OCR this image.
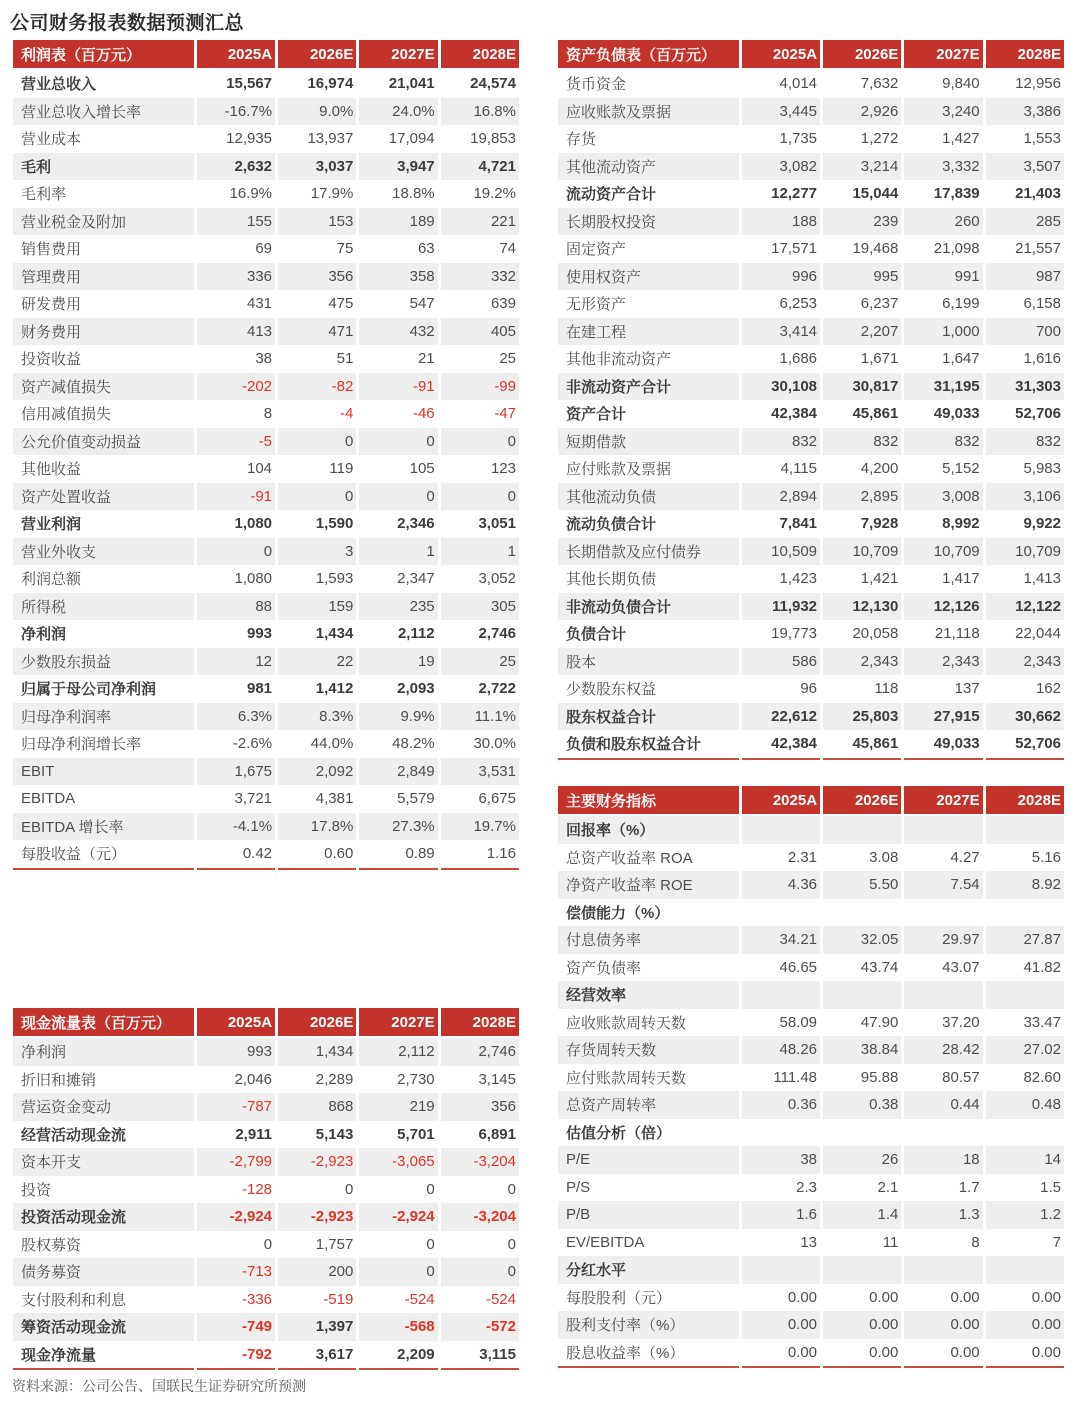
公司财务报表数据预测汇总
利润表（百万元）	2025A	2026E	2027E	2028E
营业总收入	15,567	16,974	21,041	24,574
营业总收入增长率	-16.7%	9.0%	24.0%	16.8%
营业成本	12,935	13,937	17,094	19,853
毛利	2,632	3,037	3,947	4,721
毛利率	16.9%	17.9%	18.8%	19.2%
营业税金及附加	155	153	189	221
销售费用	69	75	63	74
管理费用	336	356	358	332
研发费用	431	475	547	639
财务费用	413	471	432	405
投资收益	38	51	21	25
资产减值损失	-202	-82	-91	-99
信用减值损失	8	-4	-46	-47
公允价值变动损益	-5	0	0	0
其他收益	104	119	105	123
资产处置收益	-91	0	0	0
营业利润	1,080	1,590	2,346	3,051
营业外收支	0	3	1	1
利润总额	1,080	1,593	2,347	3,052
所得税	88	159	235	305
净利润	993	1,434	2,112	2,746
少数股东损益	12	22	19	25
归属于母公司净利润	981	1,412	2,093	2,722
归母净利润率	6.3%	8.3%	9.9%	11.1%
归母净利润增长率	-2.6%	44.0%	48.2%	30.0%
EBIT	1,675	2,092	2,849	3,531
EBITDA	3,721	4,381	5,579	6,675
EBITDA 增长率	-4.1%	17.8%	27.3%	19.7%
每股收益（元）	0.42	0.60	0.89	1.16
资产负债表（百万元）	2025A	2026E	2027E	2028E
货币资金	4,014	7,632	9,840	12,956
应收账款及票据	3,445	2,926	3,240	3,386
存货	1,735	1,272	1,427	1,553
其他流动资产	3,082	3,214	3,332	3,507
流动资产合计	12,277	15,044	17,839	21,403
长期股权投资	188	239	260	285
固定资产	17,571	19,468	21,098	21,557
使用权资产	996	995	991	987
无形资产	6,253	6,237	6,199	6,158
在建工程	3,414	2,207	1,000	700
其他非流动资产	1,686	1,671	1,647	1,616
非流动资产合计	30,108	30,817	31,195	31,303
资产合计	42,384	45,861	49,033	52,706
短期借款	832	832	832	832
应付账款及票据	4,115	4,200	5,152	5,983
其他流动负债	2,894	2,895	3,008	3,106
流动负债合计	7,841	7,928	8,992	9,922
长期借款及应付债券	10,509	10,709	10,709	10,709
其他长期负债	1,423	1,421	1,417	1,413
非流动负债合计	11,932	12,130	12,126	12,122
负债合计	19,773	20,058	21,118	22,044
股本	586	2,343	2,343	2,343
少数股东权益	96	118	137	162
股东权益合计	22,612	25,803	27,915	30,662
负债和股东权益合计	42,384	45,861	49,033	52,706
主要财务指标	2025A	2026E	2027E	2028E
回报率（%）				
总资产收益率 ROA	2.31	3.08	4.27	5.16
净资产收益率 ROE	4.36	5.50	7.54	8.92
偿债能力（%）				
付息债务率	34.21	32.05	29.97	27.87
资产负债率	46.65	43.74	43.07	41.82
经营效率				
应收账款周转天数	58.09	47.90	37.20	33.47
存货周转天数	48.26	38.84	28.42	27.02
应付账款周转天数	111.48	95.88	80.57	82.60
总资产周转率	0.36	0.38	0.44	0.48
估值分析（倍）				
P/E	38	26	18	14
P/S	2.3	2.1	1.7	1.5
P/B	1.6	1.4	1.3	1.2
EV/EBITDA	13	11	8	7
分红水平				
每股股利（元）	0.00	0.00	0.00	0.00
股利支付率（%）	0.00	0.00	0.00	0.00
股息收益率（%）	0.00	0.00	0.00	0.00
现金流量表（百万元）	2025A	2026E	2027E	2028E
净利润	993	1,434	2,112	2,746
折旧和摊销	2,046	2,289	2,730	3,145
营运资金变动	-787	868	219	356
经营活动现金流	2,911	5,143	5,701	6,891
资本开支	-2,799	-2,923	-3,065	-3,204
投资	-128	0	0	0
投资活动现金流	-2,924	-2,923	-2,924	-3,204
股权募资	0	1,757	0	0
债务募资	-713	200	0	0
支付股利和利息	-336	-519	-524	-524
筹资活动现金流	-749	1,397	-568	-572
现金净流量	-792	3,617	2,209	3,115
资料来源：公司公告、国联民生证券研究所预测
